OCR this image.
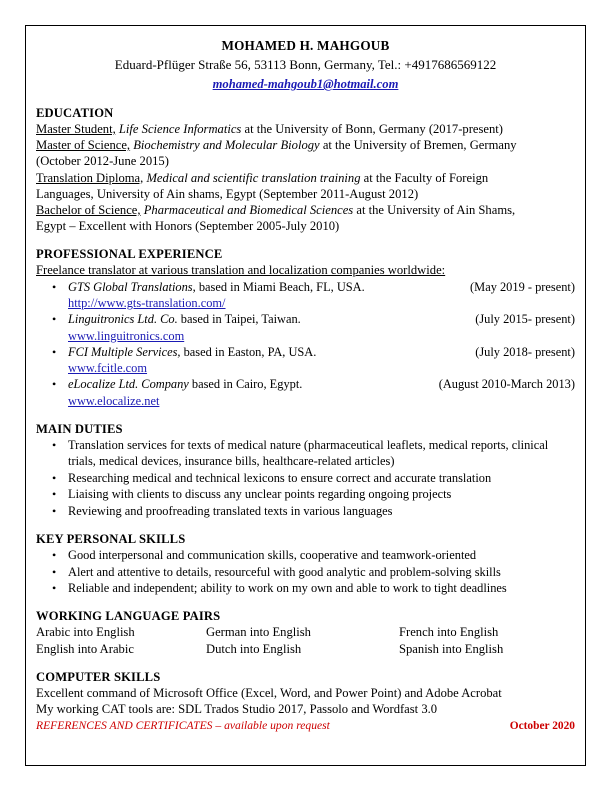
MOHAMED H. MAHGOUB
Eduard-Pflüger Straße 56, 53113 Bonn, Germany, Tel.: +4917686569122
mohamed-mahgoub1@hotmail.com
EDUCATION
Master Student, Life Science Informatics at the University of Bonn, Germany (2017-present)
Master of Science, Biochemistry and Molecular Biology at the University of Bremen, Germany
(October 2012-June 2015)
Translation Diploma, Medical and scientific translation training at the Faculty of Foreign
Languages, University of Ain shams, Egypt (September 2011-August 2012)
Bachelor of Science, Pharmaceutical and Biomedical Sciences at the University of Ain Shams,
Egypt – Excellent with Honors (September 2005-July 2010)
PROFESSIONAL EXPERIENCE
Freelance translator at various translation and localization companies worldwide:
• GTS Global Translations, based in Miami Beach, FL, USA.	(May 2019 - present)
http://www.gts-translation.com/
• Linguitronics Ltd. Co. based in Taipei, Taiwan.	(July 2015- present)
www.linguitronics.com
• FCI Multiple Services, based in Easton, PA, USA.	(July 2018- present)
www.fcitle.com
• eLocalize Ltd. Company based in Cairo, Egypt.	(August 2010-March 2013)
www.elocalize.net
MAIN DUTIES
• Translation services for texts of medical nature (pharmaceutical leaflets, medical reports, clinical trials, medical devices, insurance bills, healthcare-related articles)
• Researching medical and technical lexicons to ensure correct and accurate translation
• Liaising with clients to discuss any unclear points regarding ongoing projects
• Reviewing and proofreading translated texts in various languages
KEY PERSONAL SKILLS
• Good interpersonal and communication skills, cooperative and teamwork-oriented
• Alert and attentive to details, resourceful with good analytic and problem-solving skills
• Reliable and independent; ability to work on my own and able to work to tight deadlines
WORKING LANGUAGE PAIRS
Arabic into English	German into English	French into English
English into Arabic	Dutch into English	Spanish into English
COMPUTER SKILLS
Excellent command of Microsoft Office (Excel, Word, and Power Point) and Adobe Acrobat
My working CAT tools are: SDL Trados Studio 2017, Passolo and Wordfast 3.0
REFERENCES AND CERTIFICATES – available upon request	October 2020
